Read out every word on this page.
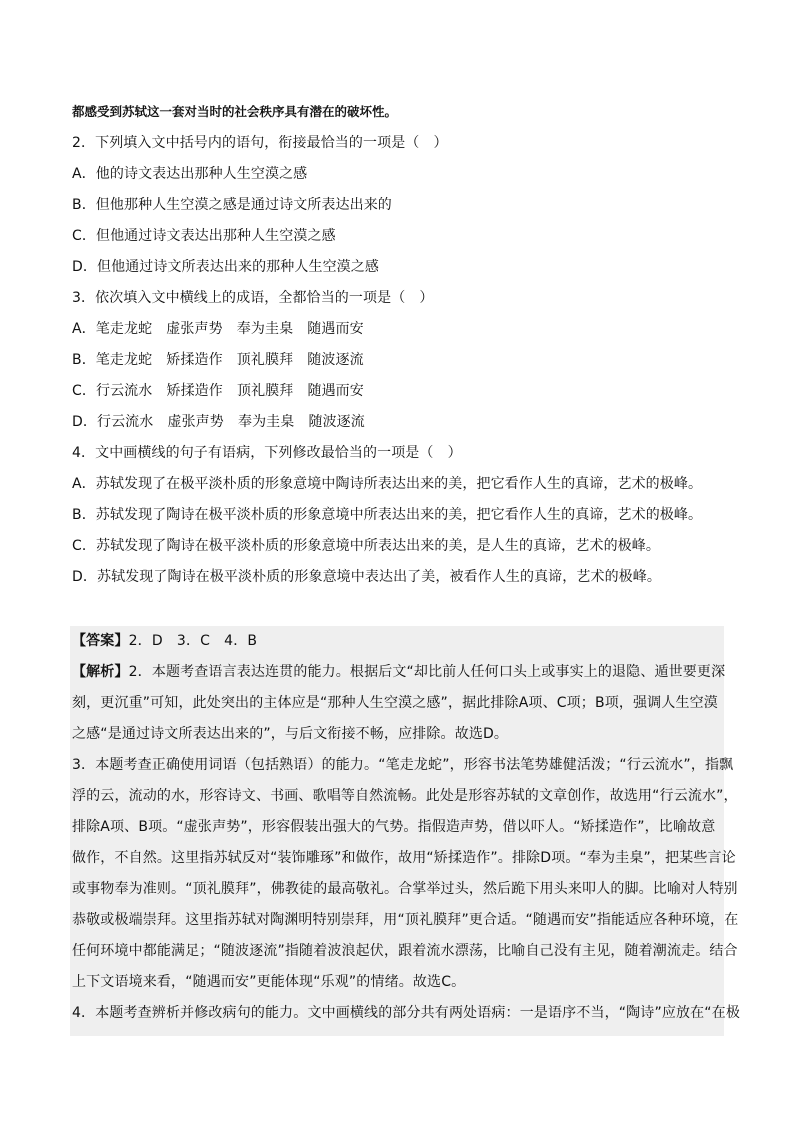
都感受到苏轼这一套对当时的社会秩序具有潜在的破坏性。
2．下列填入文中括号内的语句，衔接最恰当的一项是（　）
A．他的诗文表达出那种人生空漠之感
B．但他那种人生空漠之感是通过诗文所表达出来的
C．但他通过诗文表达出那种人生空漠之感
D．但他通过诗文所表达出来的那种人生空漠之感
3．依次填入文中横线上的成语，全都恰当的一项是（　）
A．笔走龙蛇　虚张声势　奉为圭臬　随遇而安
B．笔走龙蛇　矫揉造作　顶礼膜拜　随波逐流
C．行云流水　矫揉造作　顶礼膜拜　随遇而安
D．行云流水　虚张声势　奉为圭臬　随波逐流
4．文中画横线的句子有语病，下列修改最恰当的一项是（　）
A．苏轼发现了在极平淡朴质的形象意境中陶诗所表达出来的美，把它看作人生的真谛，艺术的极峰。
B．苏轼发现了陶诗在极平淡朴质的形象意境中所表达出来的美，把它看作人生的真谛，艺术的极峰。
C．苏轼发现了陶诗在极平淡朴质的形象意境中所表达出来的美，是人生的真谛，艺术的极峰。
D．苏轼发现了陶诗在极平淡朴质的形象意境中表达出了美，被看作人生的真谛，艺术的极峰。
【答案】2．D　3．C　4．B
【解析】2．本题考查语言表达连贯的能力。根据后文“却比前人任何口头上或事实上的退隐、遁世要更深
刻，更沉重”可知，此处突出的主体应是“那种人生空漠之感”，据此排除A项、C项；B项，强调人生空漠
之感“是通过诗文所表达出来的”，与后文衔接不畅，应排除。故选D。
3．本题考查正确使用词语（包括熟语）的能力。“笔走龙蛇”，形容书法笔势雄健活泼；“行云流水”，指飘
浮的云，流动的水，形容诗文、书画、歌唱等自然流畅。此处是形容苏轼的文章创作，故选用“行云流水”，
排除A项、B项。“虚张声势”，形容假装出强大的气势。指假造声势，借以吓人。“矫揉造作”，比喻故意
做作，不自然。这里指苏轼反对“装饰雕琢”和做作，故用“矫揉造作”。排除D项。“奉为圭臬”，把某些言论
或事物奉为准则。“顶礼膜拜”，佛教徒的最高敬礼。合掌举过头，然后跪下用头来叩人的脚。比喻对人特别
恭敬或极端崇拜。这里指苏轼对陶渊明特别崇拜，用“顶礼膜拜”更合适。“随遇而安”指能适应各种环境，在
任何环境中都能满足；“随波逐流”指随着波浪起伏，跟着流水漂荡，比喻自己没有主见，随着潮流走。结合
上下文语境来看，“随遇而安”更能体现“乐观”的情绪。故选C。
4．本题考查辨析并修改病句的能力。文中画横线的部分共有两处语病：一是语序不当，“陶诗”应放在“在极
